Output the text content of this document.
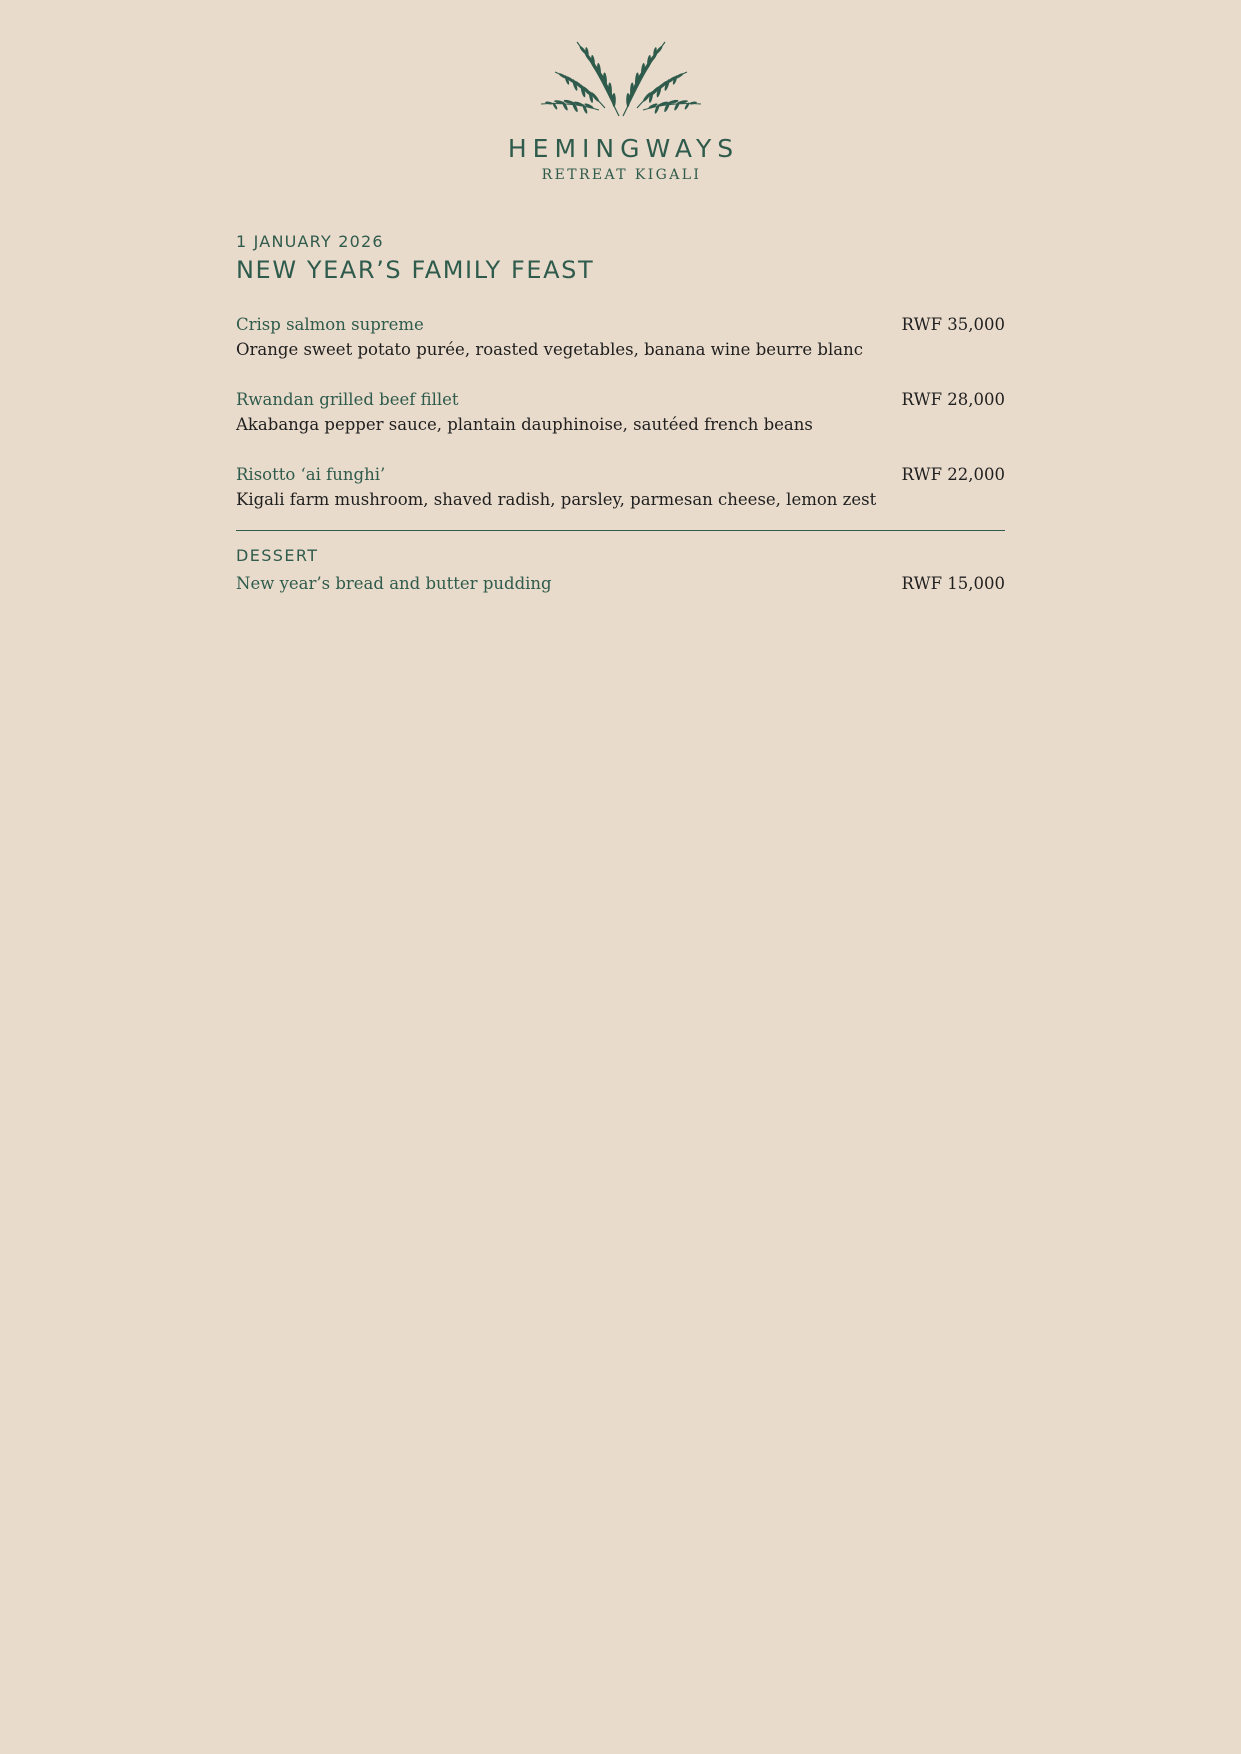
HEMINGWAYS
RETREAT KIGALI
1 JANUARY 2026
NEW YEAR’S FAMILY FEAST
Crisp salmon supreme	RWF 35,000
Orange sweet potato purée, roasted vegetables, banana wine beurre blanc
Rwandan grilled beef fillet	RWF 28,000
Akabanga pepper sauce, plantain dauphinoise, sautéed french beans
Risotto ‘ai funghi’	RWF 22,000
Kigali farm mushroom, shaved radish, parsley, parmesan cheese, lemon zest
DESSERT
New year’s bread and butter pudding	RWF 15,000
